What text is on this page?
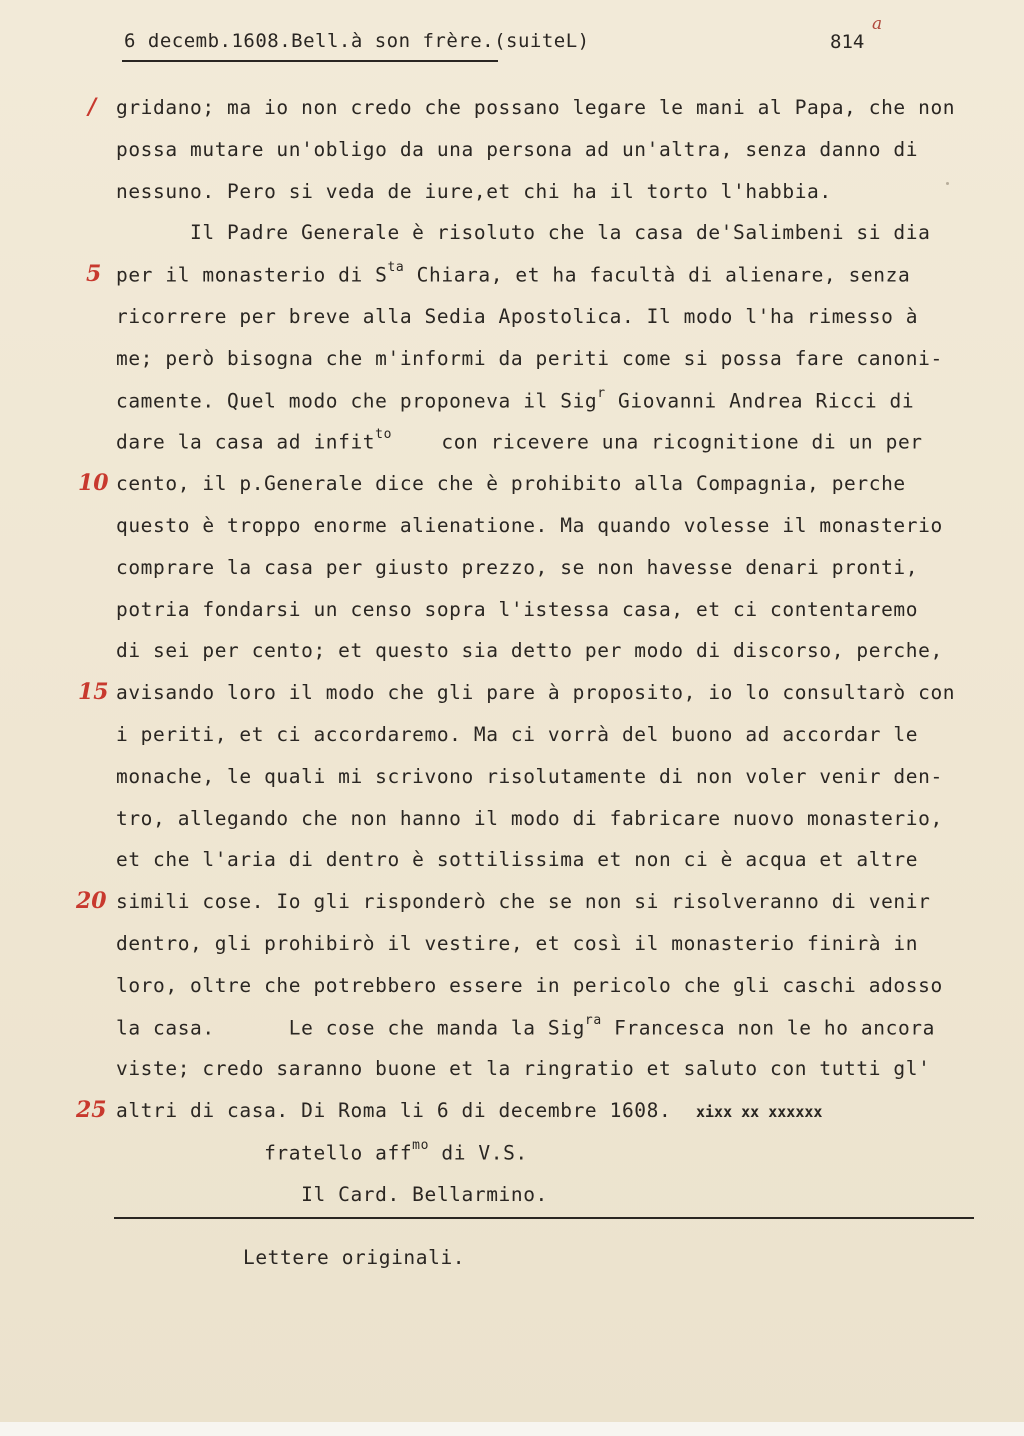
6 decemb.1608.Bell.à son frère.(suiteL)	814
a
/
5
10
15
20
25
gridano; ma io non credo che possano legare le mani al Papa, che non
possa mutare un'obligo da una persona ad un'altra, senza danno di
nessuno. Pero si veda de iure,et chi ha il torto l'habbia.
Il Padre Generale è risoluto che la casa de'Salimbeni si dia
per il monasterio di $S^{ta}$ Chiara, et ha facultà di alienare, senza
ricorrere per breve alla Sedia Apostolica. Il modo l'ha rimesso à
me; però bisogna che m'informi da periti come si possa fare canoni-
camente. Quel modo che proponeva il Sig$^r$ Giovanni Andrea Ricci di
dare la casa ad infit$^{to}$    con ricevere una ricognitione di un per
cento, il p.Generale dice che è prohibito alla Compagnia, perche
questo è troppo enorme alienatione. Ma quando volesse il monasterio
comprare la casa per giusto prezzo, se non havesse denari pronti,
potria fondarsi un censo sopra l'istessa casa, et ci contentaremo
di sei per cento; et questo sia detto per modo di discorso, perche,
avisando loro il modo che gli pare à proposito, io lo consultarò con
i periti, et ci accordaremo. Ma ci vorrà del buono ad accordar le
monache, le quali mi scrivono risolutamente di non voler venir den-
tro, allegando che non hanno il modo di fabricare nuovo monasterio,
et che l'aria di dentro è sottilissima et non ci è acqua et altre
simili cose. Io gli risponderò che se non si risolveranno di venir
dentro, gli prohibirò il vestire, et così il monasterio finirà in
loro, oltre che potrebbero essere in pericolo che gli caschi adosso
la casa.      Le cose che manda la Sig$^{ra}$ Francesca non le ho ancora
viste; credo saranno buone et la ringratio et saluto con tutti gl'
altri di casa. Di Roma li 6 di decembre 1608.  xixx xx xxxxxx
fratello aff$^{mo}$ di V.S.
Il Card. Bellarmino.
Lettere originali.
